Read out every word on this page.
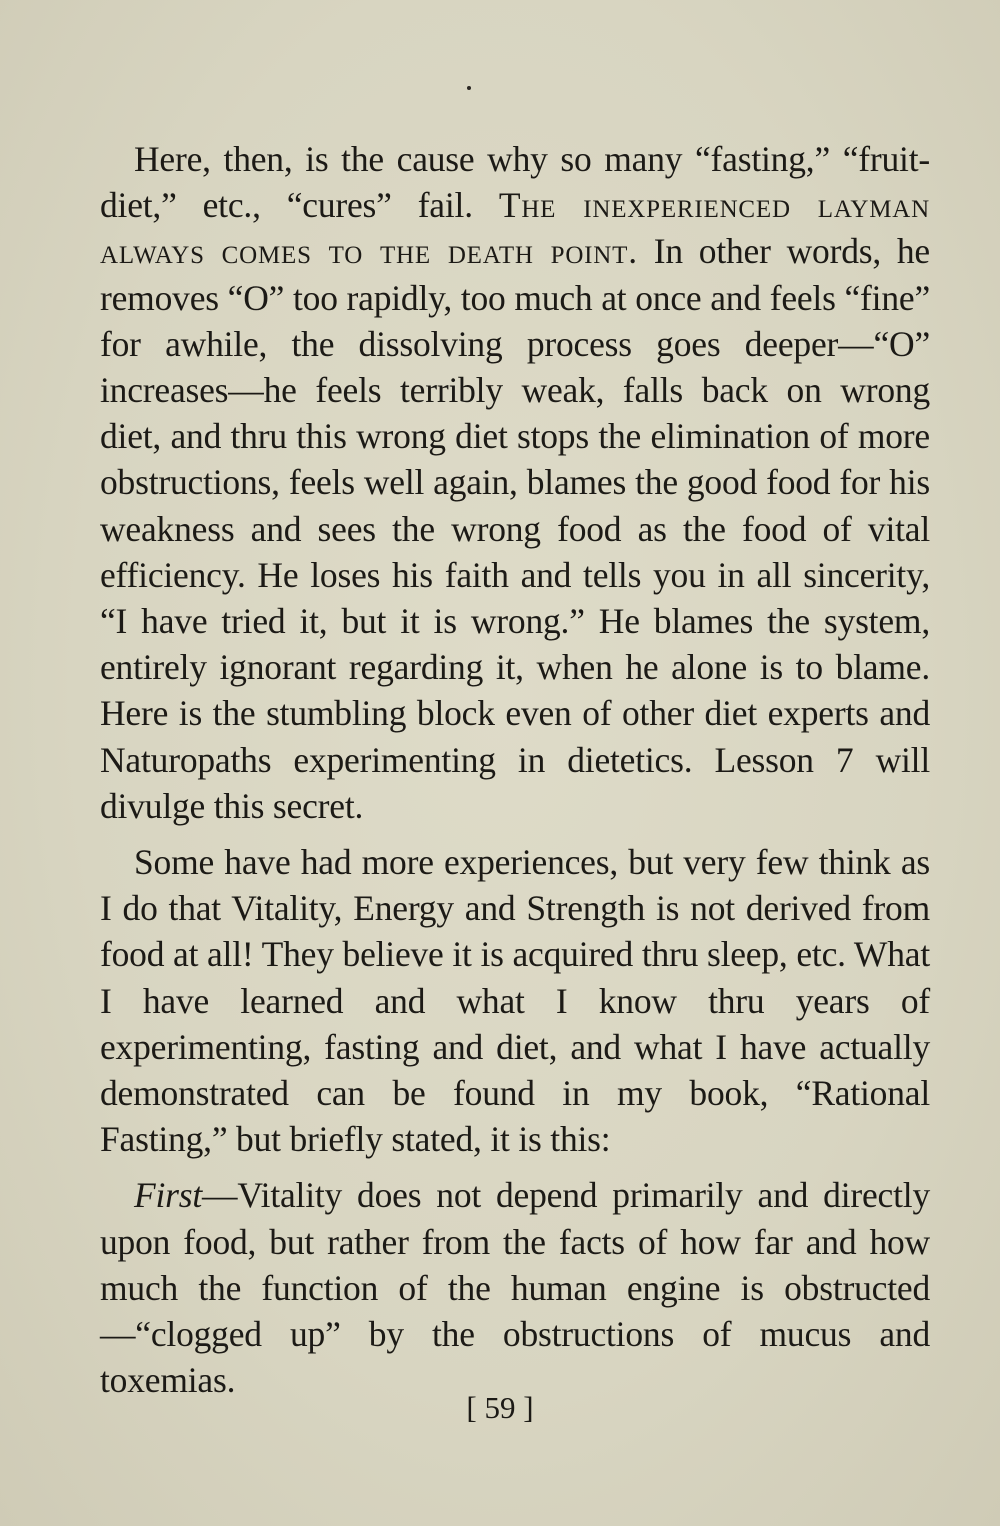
Here, then, is the cause why so many “fasting,” “fruit-diet,” etc., “cures” fail. The inexperienced layman always comes to the death point. In other words, he removes “O” too rapidly, too much at once and feels “fine” for awhile, the dissolving process goes deeper—“O” increases—he feels terribly weak, falls back on wrong diet, and thru this wrong diet stops the elimination of more obstructions, feels well again, blames the good food for his weakness and sees the wrong food as the food of vital efficiency. He loses his faith and tells you in all sincerity, “I have tried it, but it is wrong.” He blames the system, entirely ignorant regarding it, when he alone is to blame. Here is the stumbling block even of other diet experts and Naturopaths experimenting in dietetics. Lesson 7 will divulge this secret.

Some have had more experiences, but very few think as I do that Vitality, Energy and Strength is not derived from food at all! They believe it is acquired thru sleep, etc. What I have learned and what I know thru years of experimenting, fasting and diet, and what I have actually demonstrated can be found in my book, “Rational Fasting,” but briefly stated, it is this:

First—Vitality does not depend primarily and directly upon food, but rather from the facts of how far and how much the function of the human engine is obstructed—“clogged up” by the obstructions of mucus and toxemias.

[ 59 ]
